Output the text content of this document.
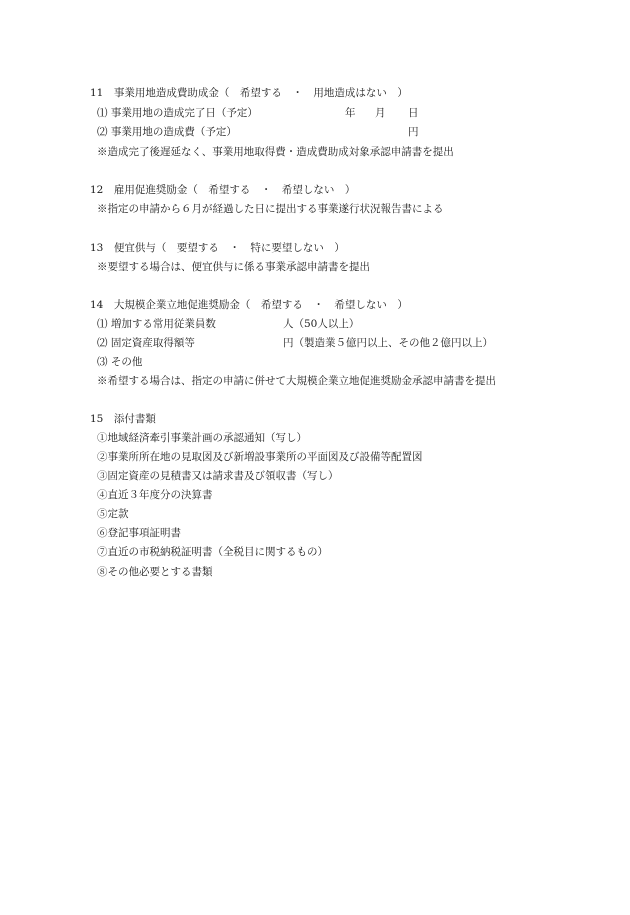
11　事業用地造成費助成金（　希望する　・　用地造成はない　）
⑴ 事業用地の造成完了日（予定）	年 月 日
⑵ 事業用地の造成費（予定）	円
※造成完了後遅延なく、事業用地取得費・造成費助成対象承認申請書を提出
12　雇用促進奨励金（　希望する　・　希望しない　）
※指定の申請から６月が経過した日に提出する事業遂行状況報告書による
13　便宜供与（　要望する　・　特に要望しない　）
※要望する場合は、便宜供与に係る事業承認申請書を提出
14　大規模企業立地促進奨励金（　希望する　・　希望しない　）
⑴ 増加する常用従業員数	人（50人以上）
⑵ 固定資産取得額等	円（製造業５億円以上、その他２億円以上）
⑶ その他
※希望する場合は、指定の申請に併せて大規模企業立地促進奨励金承認申請書を提出
15　添付書類
①地域経済牽引事業計画の承認通知（写し）
②事業所所在地の見取図及び新増設事業所の平面図及び設備等配置図
③固定資産の見積書又は請求書及び領収書（写し）
④直近３年度分の決算書
⑤定款
⑥登記事項証明書
⑦直近の市税納税証明書（全税目に関するもの）
⑧その他必要とする書類
